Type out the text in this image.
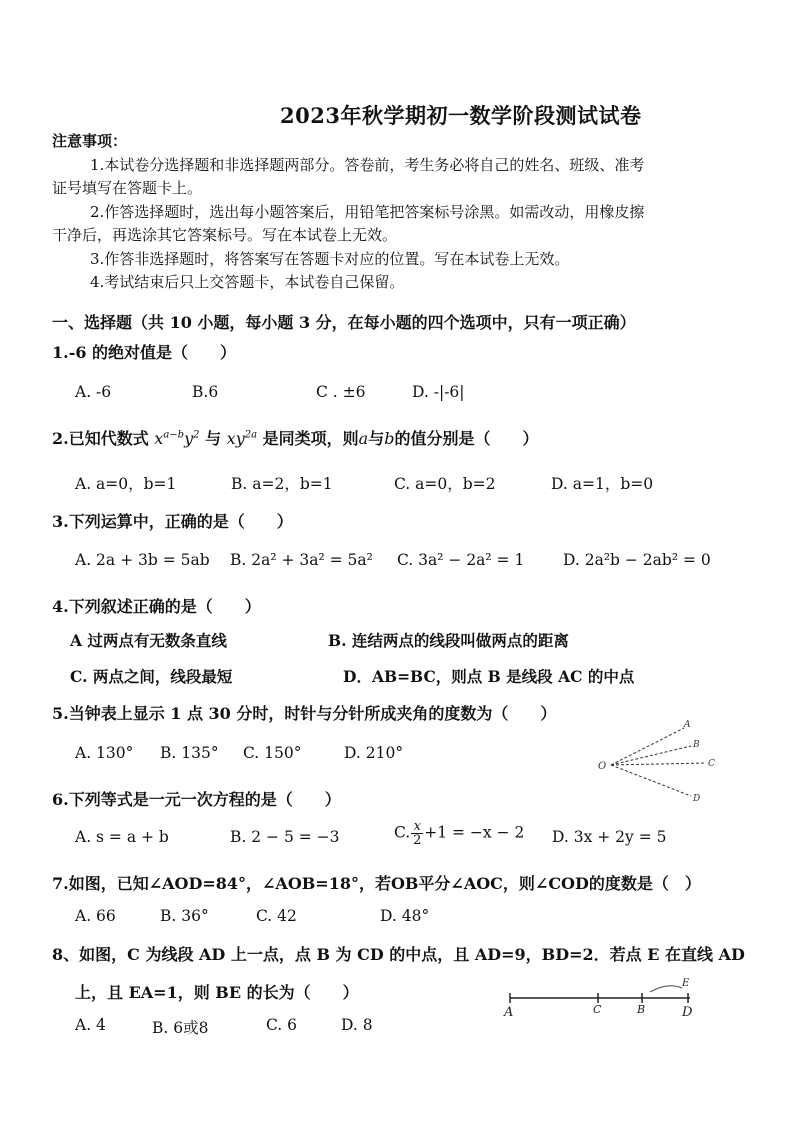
2023年秋学期初一数学阶段测试试卷
注意事项：
1.本试卷分选择题和非选择题两部分。答卷前，考生务必将自己的姓名、班级、准考
证号填写在答题卡上。
2.作答选择题时，选出每小题答案后，用铅笔把答案标号涂黑。如需改动，用橡皮擦
干净后，再选涂其它答案标号。写在本试卷上无效。
3.作答非选择题时，将答案写在答题卡对应的位置。写在本试卷上无效。
4.考试结束后只上交答题卡，本试卷自己保留。
一、选择题（共 10 小题，每小题 3 分，在每小题的四个选项中，只有一项正确）
1.-6 的绝对值是（　　）
A. -6	B.6	C . ±6	D. -|-6|
2.已知代数式 $x^{a-b}y^2$ 与 $xy^{2a}$ 是同类项，则a与b的值分别是（　　）
A. a=0，b=1	B. a=2，b=1	C. a=0，b=2	D. a=1，b=0
3.下列运算中，正确的是（　　）
A. 2a + 3b = 5ab B. 2a² + 3a² = 5a² C. 3a² − 2a² = 1 D. 2a²b − 2ab² = 0
4.下列叙述正确的是（　　）
A 过两点有无数条直线	B. 连结两点的线段叫做两点的距离
C. 两点之间，线段最短	D．AB=BC，则点 B 是线段 AC 的中点
5.当钟表上显示 1 点 30 分时，时针与分针所成夹角的度数为（　　）
A. 130° B. 135° C. 150°	D. 210°
O
A
B
C
D
6.下列等式是一元一次方程的是（　　）
A. s = a + b	B. 2 − 5 = −3	C. $\frac{x}{2} +1 = -x - 2$ D. 3x + 2y = 5
7.如图，已知∠AOD=84°，∠AOB=18°，若OB平分∠AOC，则∠COD的度数是（　）
A. 66	B. 36°	C. 42	D. 48°
8、如图，C 为线段 AD 上一点，点 B 为 CD 的中点，且 AD=9，BD=2．若点 E 在直线 AD
上，且 EA=1，则 BE 的长为（　　）
A. 4	B. 6或8	C. 6	D. 8
A	C	B	D
E
